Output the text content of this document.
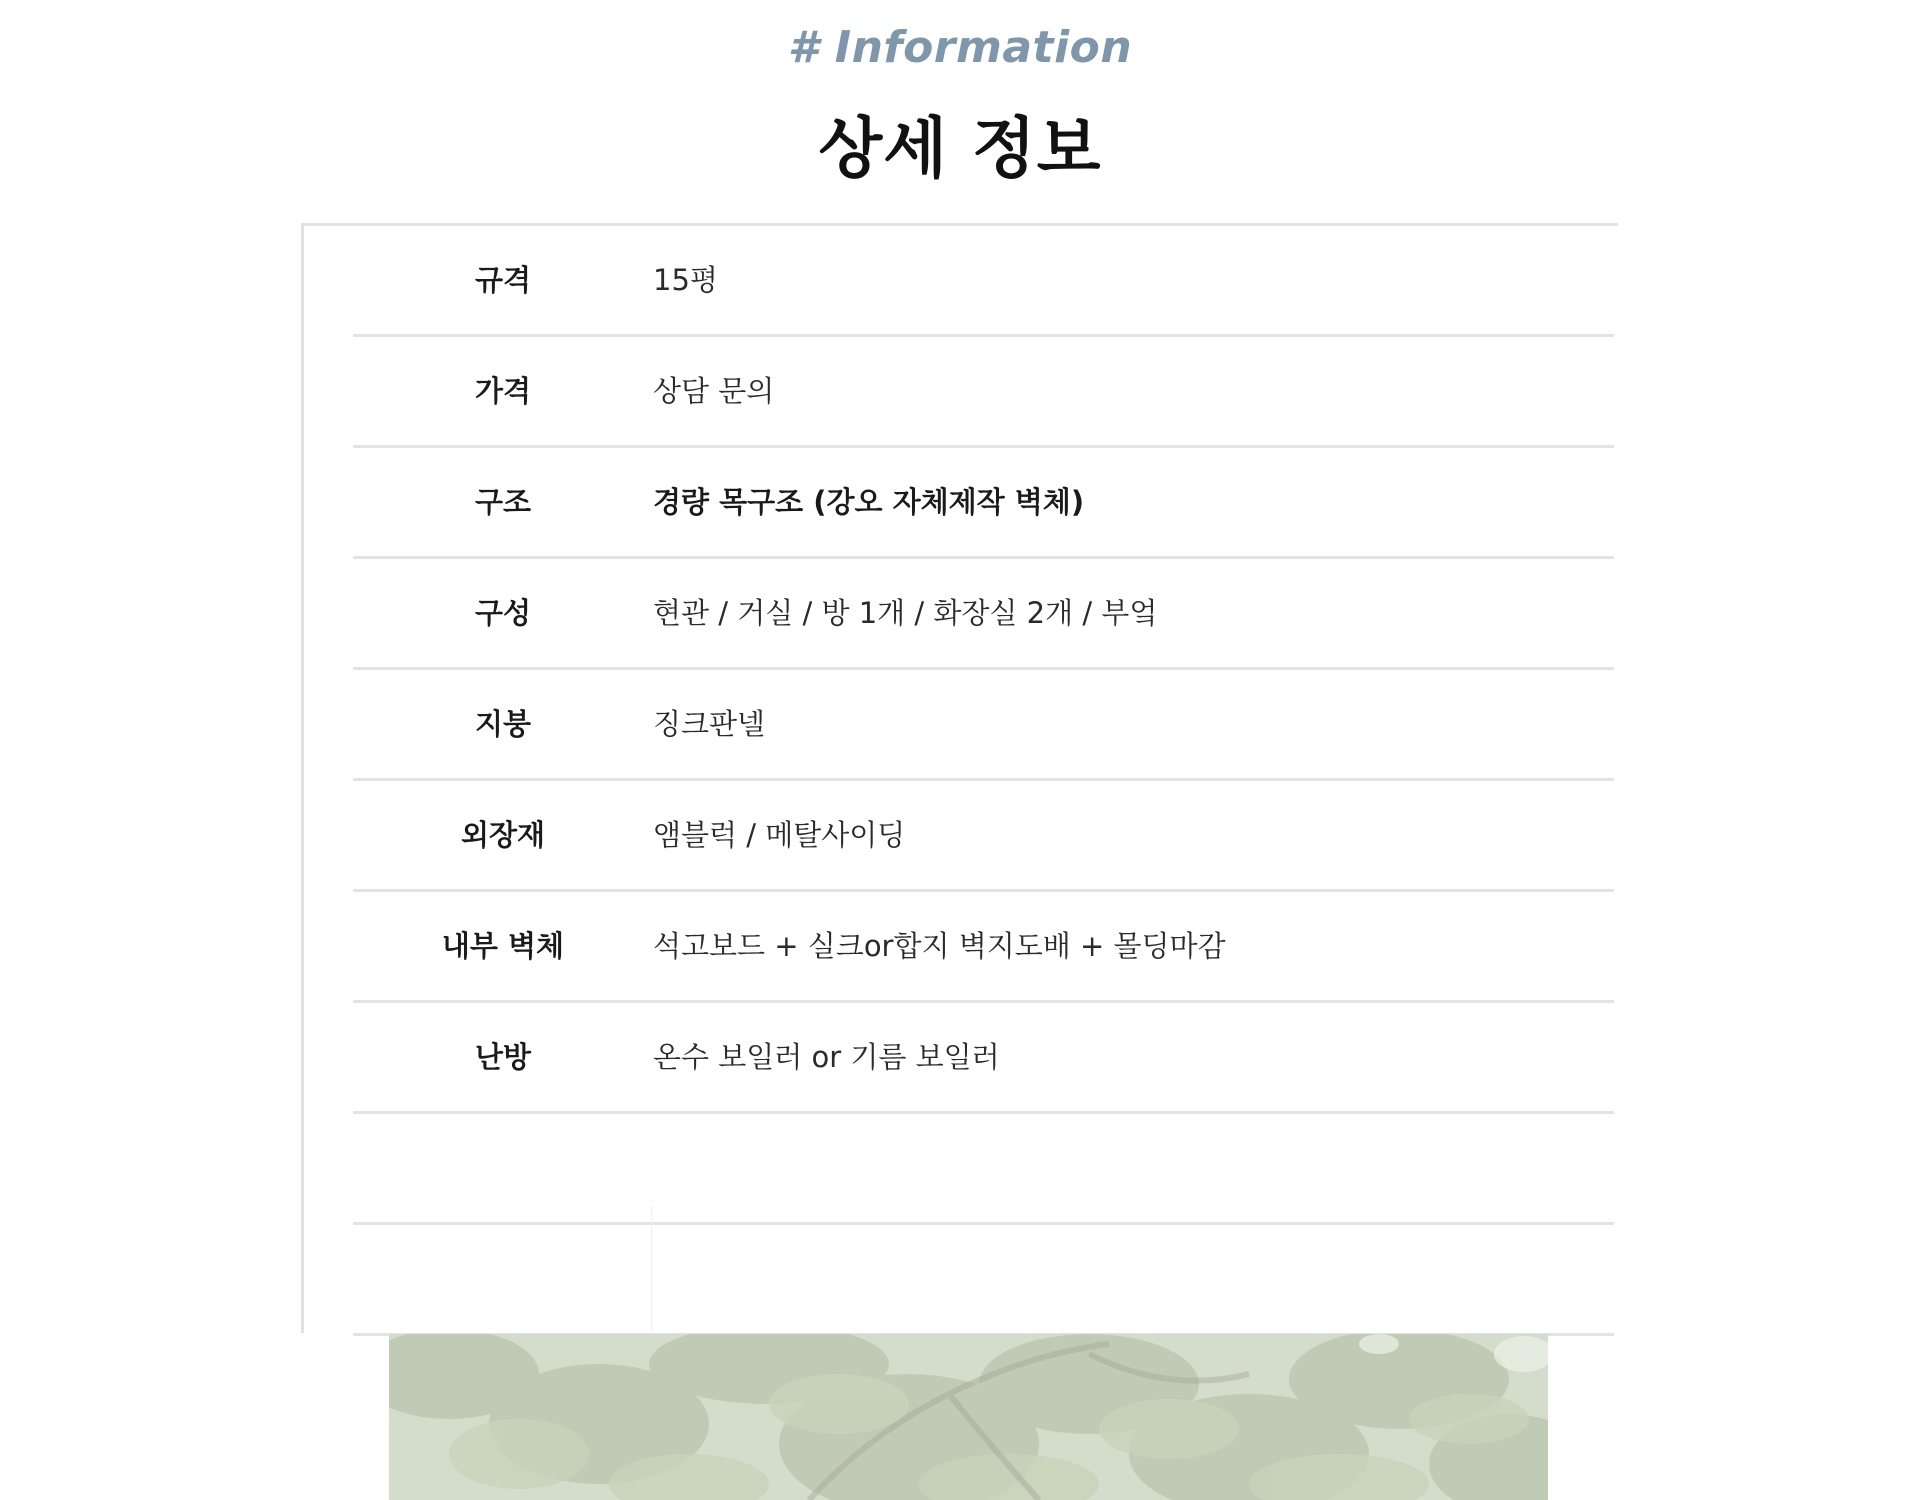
# Information
상세 정보
규격	15평
가격	상담 문의
구조	경량 목구조 (강오 자체제작 벽체)
구성	현관 / 거실 / 방 1개 / 화장실 2개 / 부엌
지붕	징크판넬
외장재	앰블럭 / 메탈사이딩
내부 벽체	석고보드 + 실크or합지 벽지도배 + 몰딩마감
난방	온수 보일러 or 기름 보일러
